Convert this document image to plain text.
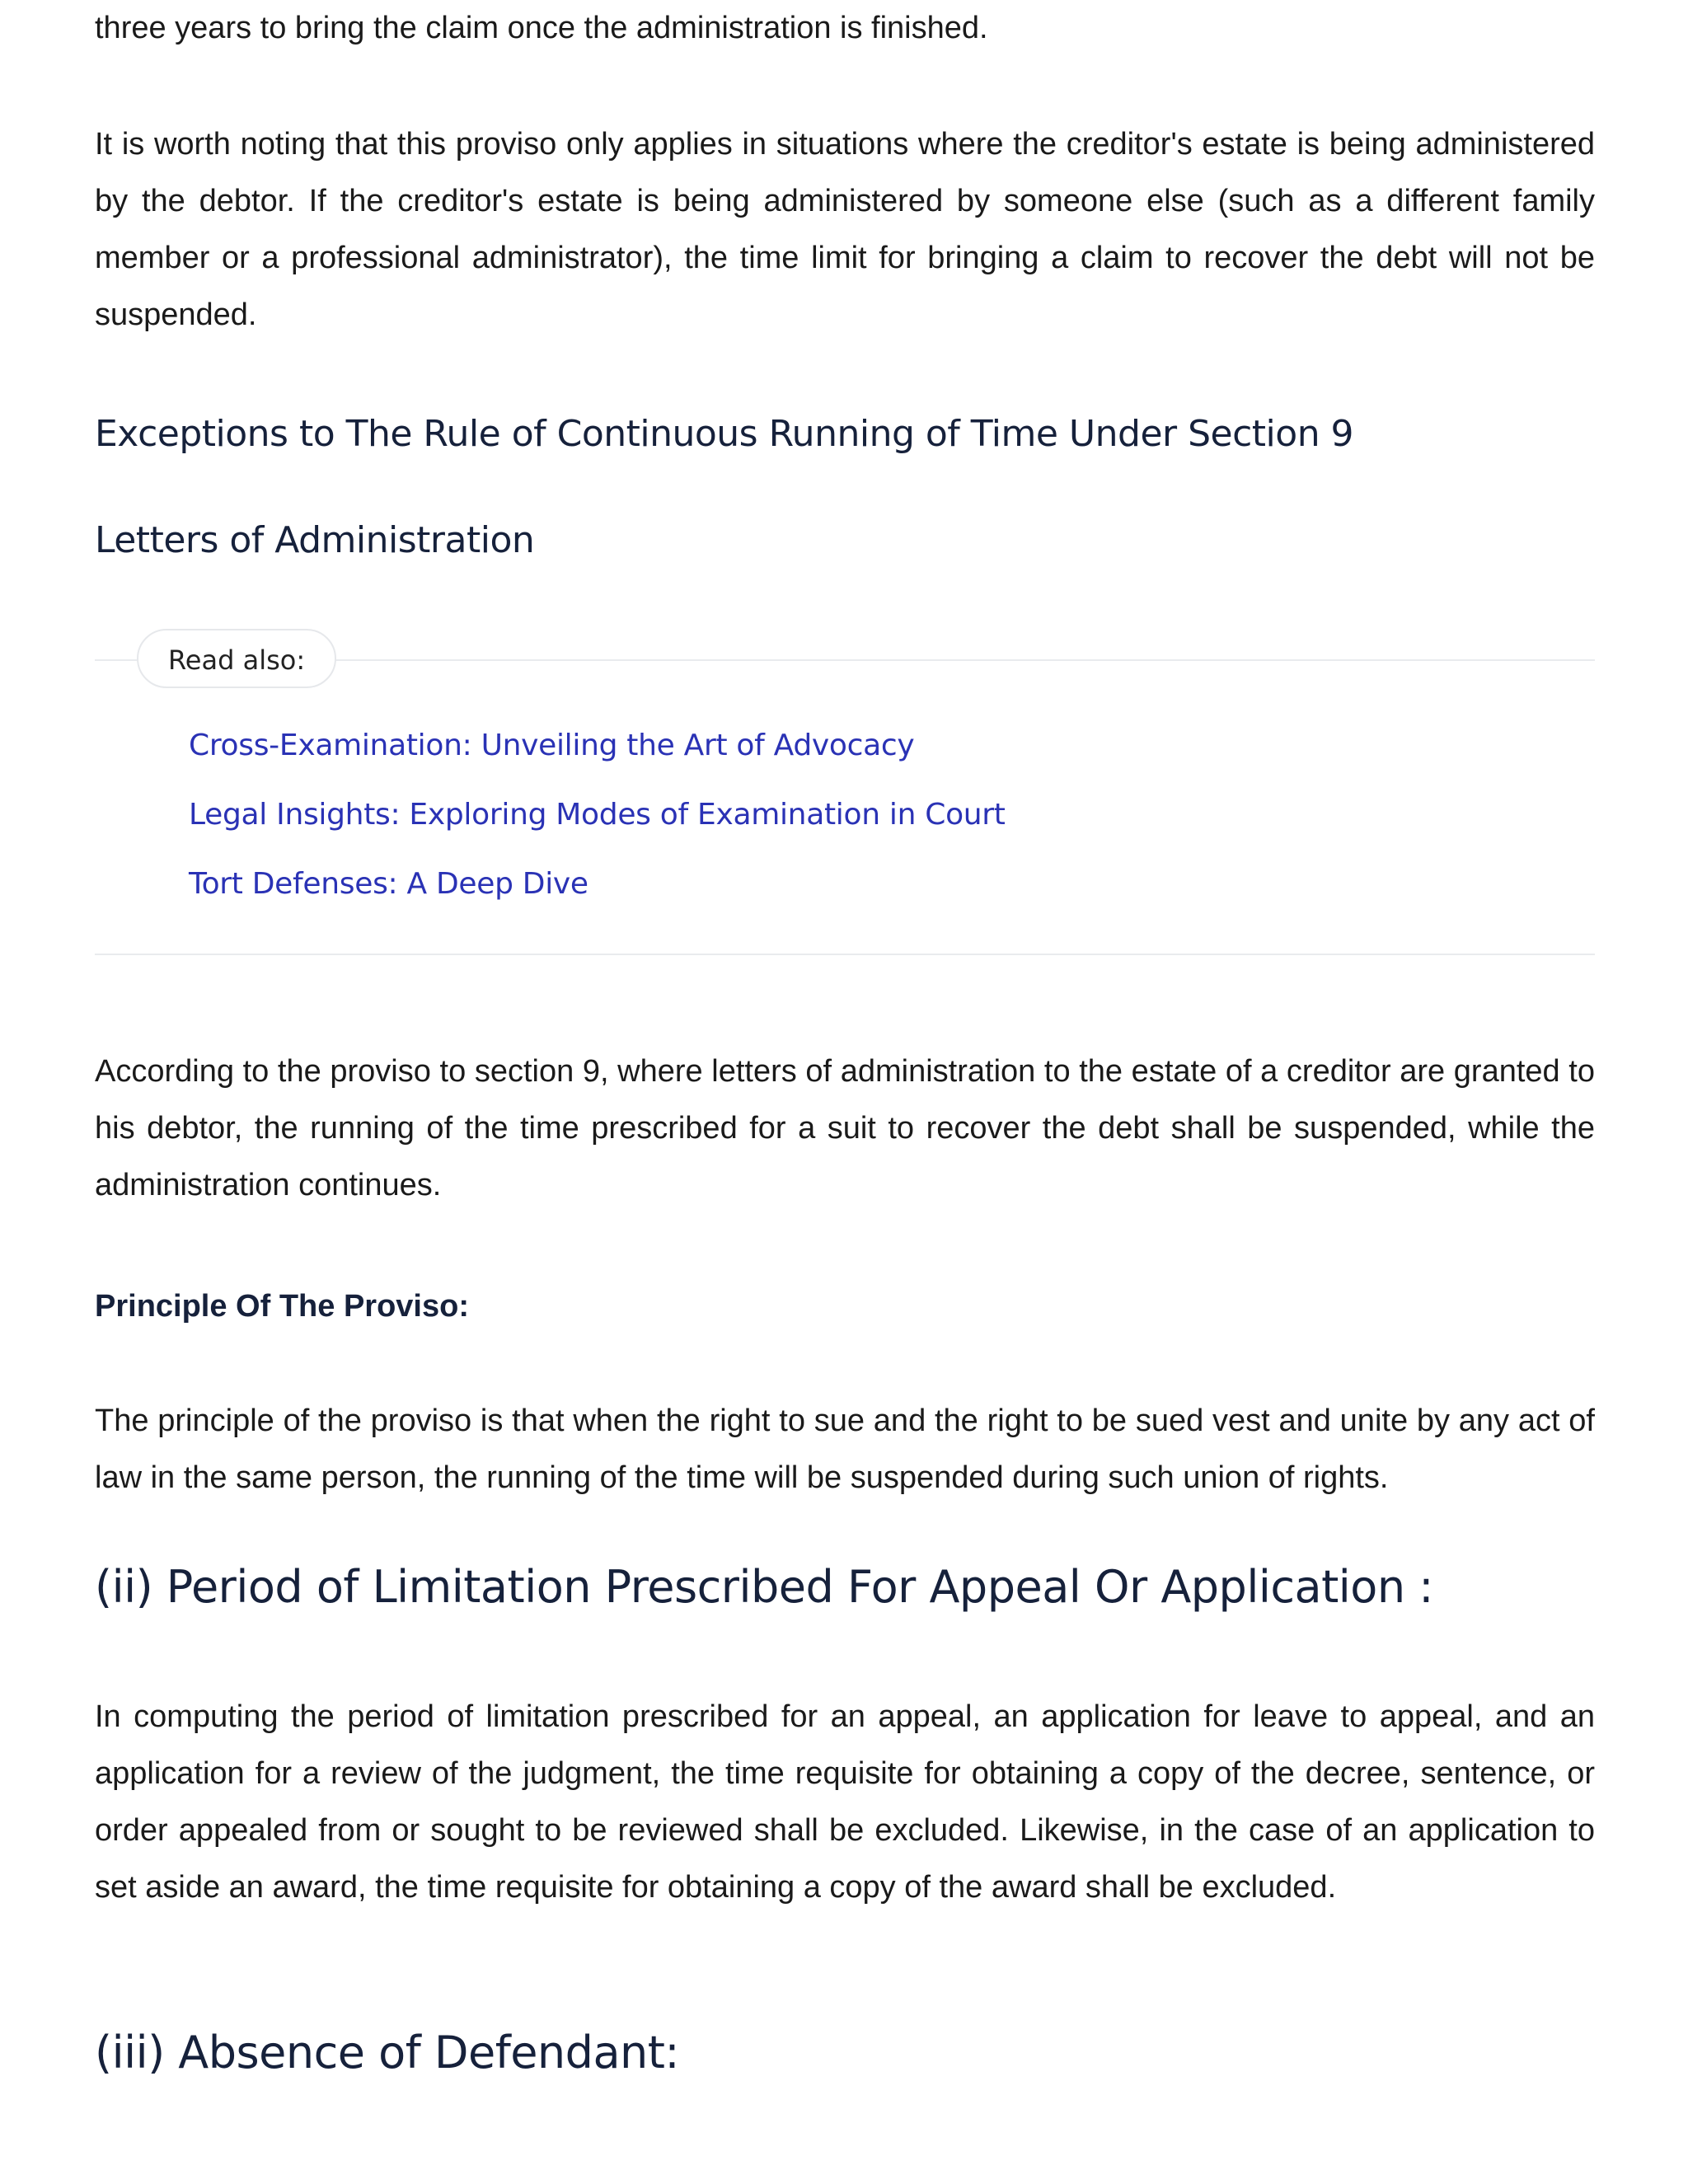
three years to bring the claim once the administration is finished.

It is worth noting that this proviso only applies in situations where the creditor's estate is being administered by the debtor. If the creditor's estate is being administered by someone else (such as a different family member or a professional administrator), the time limit for bringing a claim to recover the debt will not be suspended.

Exceptions to The Rule of Continuous Running of Time Under Section 9
Letters of Administration
Read also:
Cross-Examination: Unveiling the Art of Advocacy
Legal Insights: Exploring Modes of Examination in Court
Tort Defenses: A Deep Dive

According to the proviso to section 9, where letters of administration to the estate of a creditor are granted to his debtor, the running of the time prescribed for a suit to recover the debt shall be suspended, while the administration continues.

Principle Of The Proviso:

The principle of the proviso is that when the right to sue and the right to be sued vest and unite by any act of law in the same person, the running of the time will be suspended during such union of rights.

(ii) Period of Limitation Prescribed For Appeal Or Application :

In computing the period of limitation prescribed for an appeal, an application for leave to appeal, and an application for a review of the judgment, the time requisite for obtaining a copy of the decree, sentence, or order appealed from or sought to be reviewed shall be excluded. Likewise, in the case of an application to set aside an award, the time requisite for obtaining a copy of the award shall be excluded.

(iii) Absence of Defendant:
